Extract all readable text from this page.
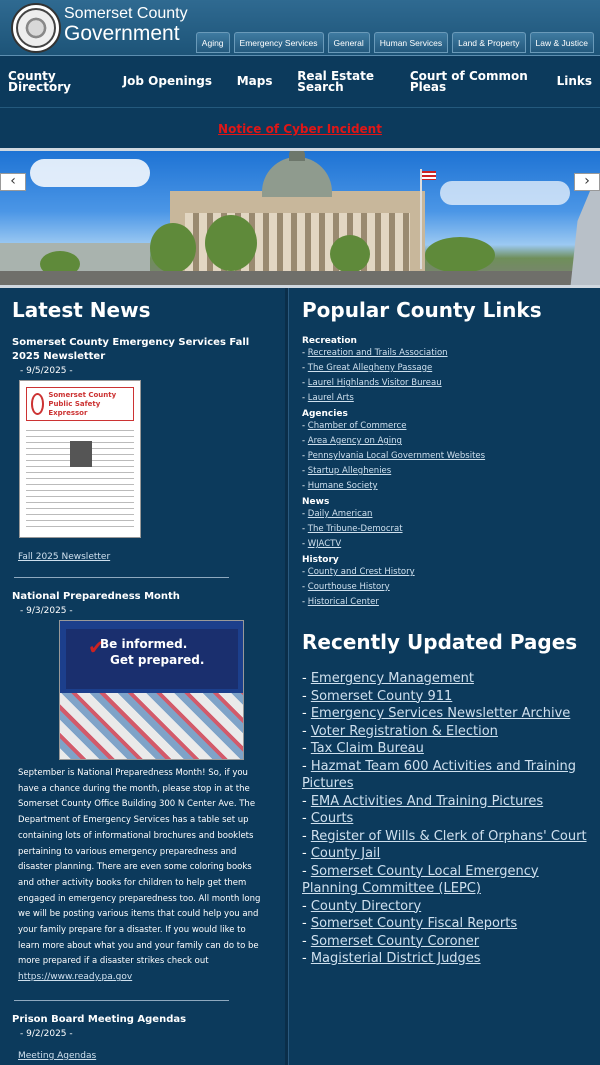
Somerset County
Government	Aging	Emergency Services	General	Human Services	Land & Property	Law & Justice
County Directory	Job Openings Maps Real Estate Search
Court of Common Pleas	Links
Notice of Cyber Incident
‹	›
Latest News
Somerset County Emergency Services Fall 2025 Newsletter
- 9/5/2025 -
Somerset County Public Safety Expressor
Fall 2025 Newsletter
National Preparedness Month
- 9/3/2025 -
✔
Be informed.
Get prepared.
September is National Preparedness Month! So, if you have a chance during the month, please stop in at the Somerset County Office Building 300 N Center Ave. The Department of Emergency Services has a table set up containing lots of informational brochures and booklets pertaining to various emergency preparedness and disaster planning. There are even some coloring books and other activity books for children to help get them engaged in emergency preparedness too. All month long we will be posting various items that could help you and your family prepare for a disaster. If you would like to learn more about what you and your family can do to be more prepared if a disaster strikes check out https://www.ready.pa.gov
Prison Board Meeting Agendas
- 9/2/2025 -
Meeting Agendas
Popular County Links
Recreation
- Recreation and Trails Association
- The Great Allegheny Passage
- Laurel Highlands Visitor Bureau
- Laurel Arts
Agencies
- Chamber of Commerce
- Area Agency on Aging
- Pennsylvania Local Government Websites
- Startup Alleghenies
- Humane Society
News
- Daily American
- The Tribune-Democrat
- WJACTV
History
- County and Crest History
- Courthouse History
- Historical Center
Recently Updated Pages
- Emergency Management
- Somerset County 911
- Emergency Services Newsletter Archive
- Voter Registration & Election
- Tax Claim Bureau
- Hazmat Team 600 Activities and Training Pictures
- EMA Activities And Training Pictures
- Courts
- Register of Wills & Clerk of Orphans' Court
- County Jail
- Somerset County Local Emergency Planning Committee (LEPC)
- County Directory
- Somerset County Fiscal Reports
- Somerset County Coroner
- Magisterial District Judges
